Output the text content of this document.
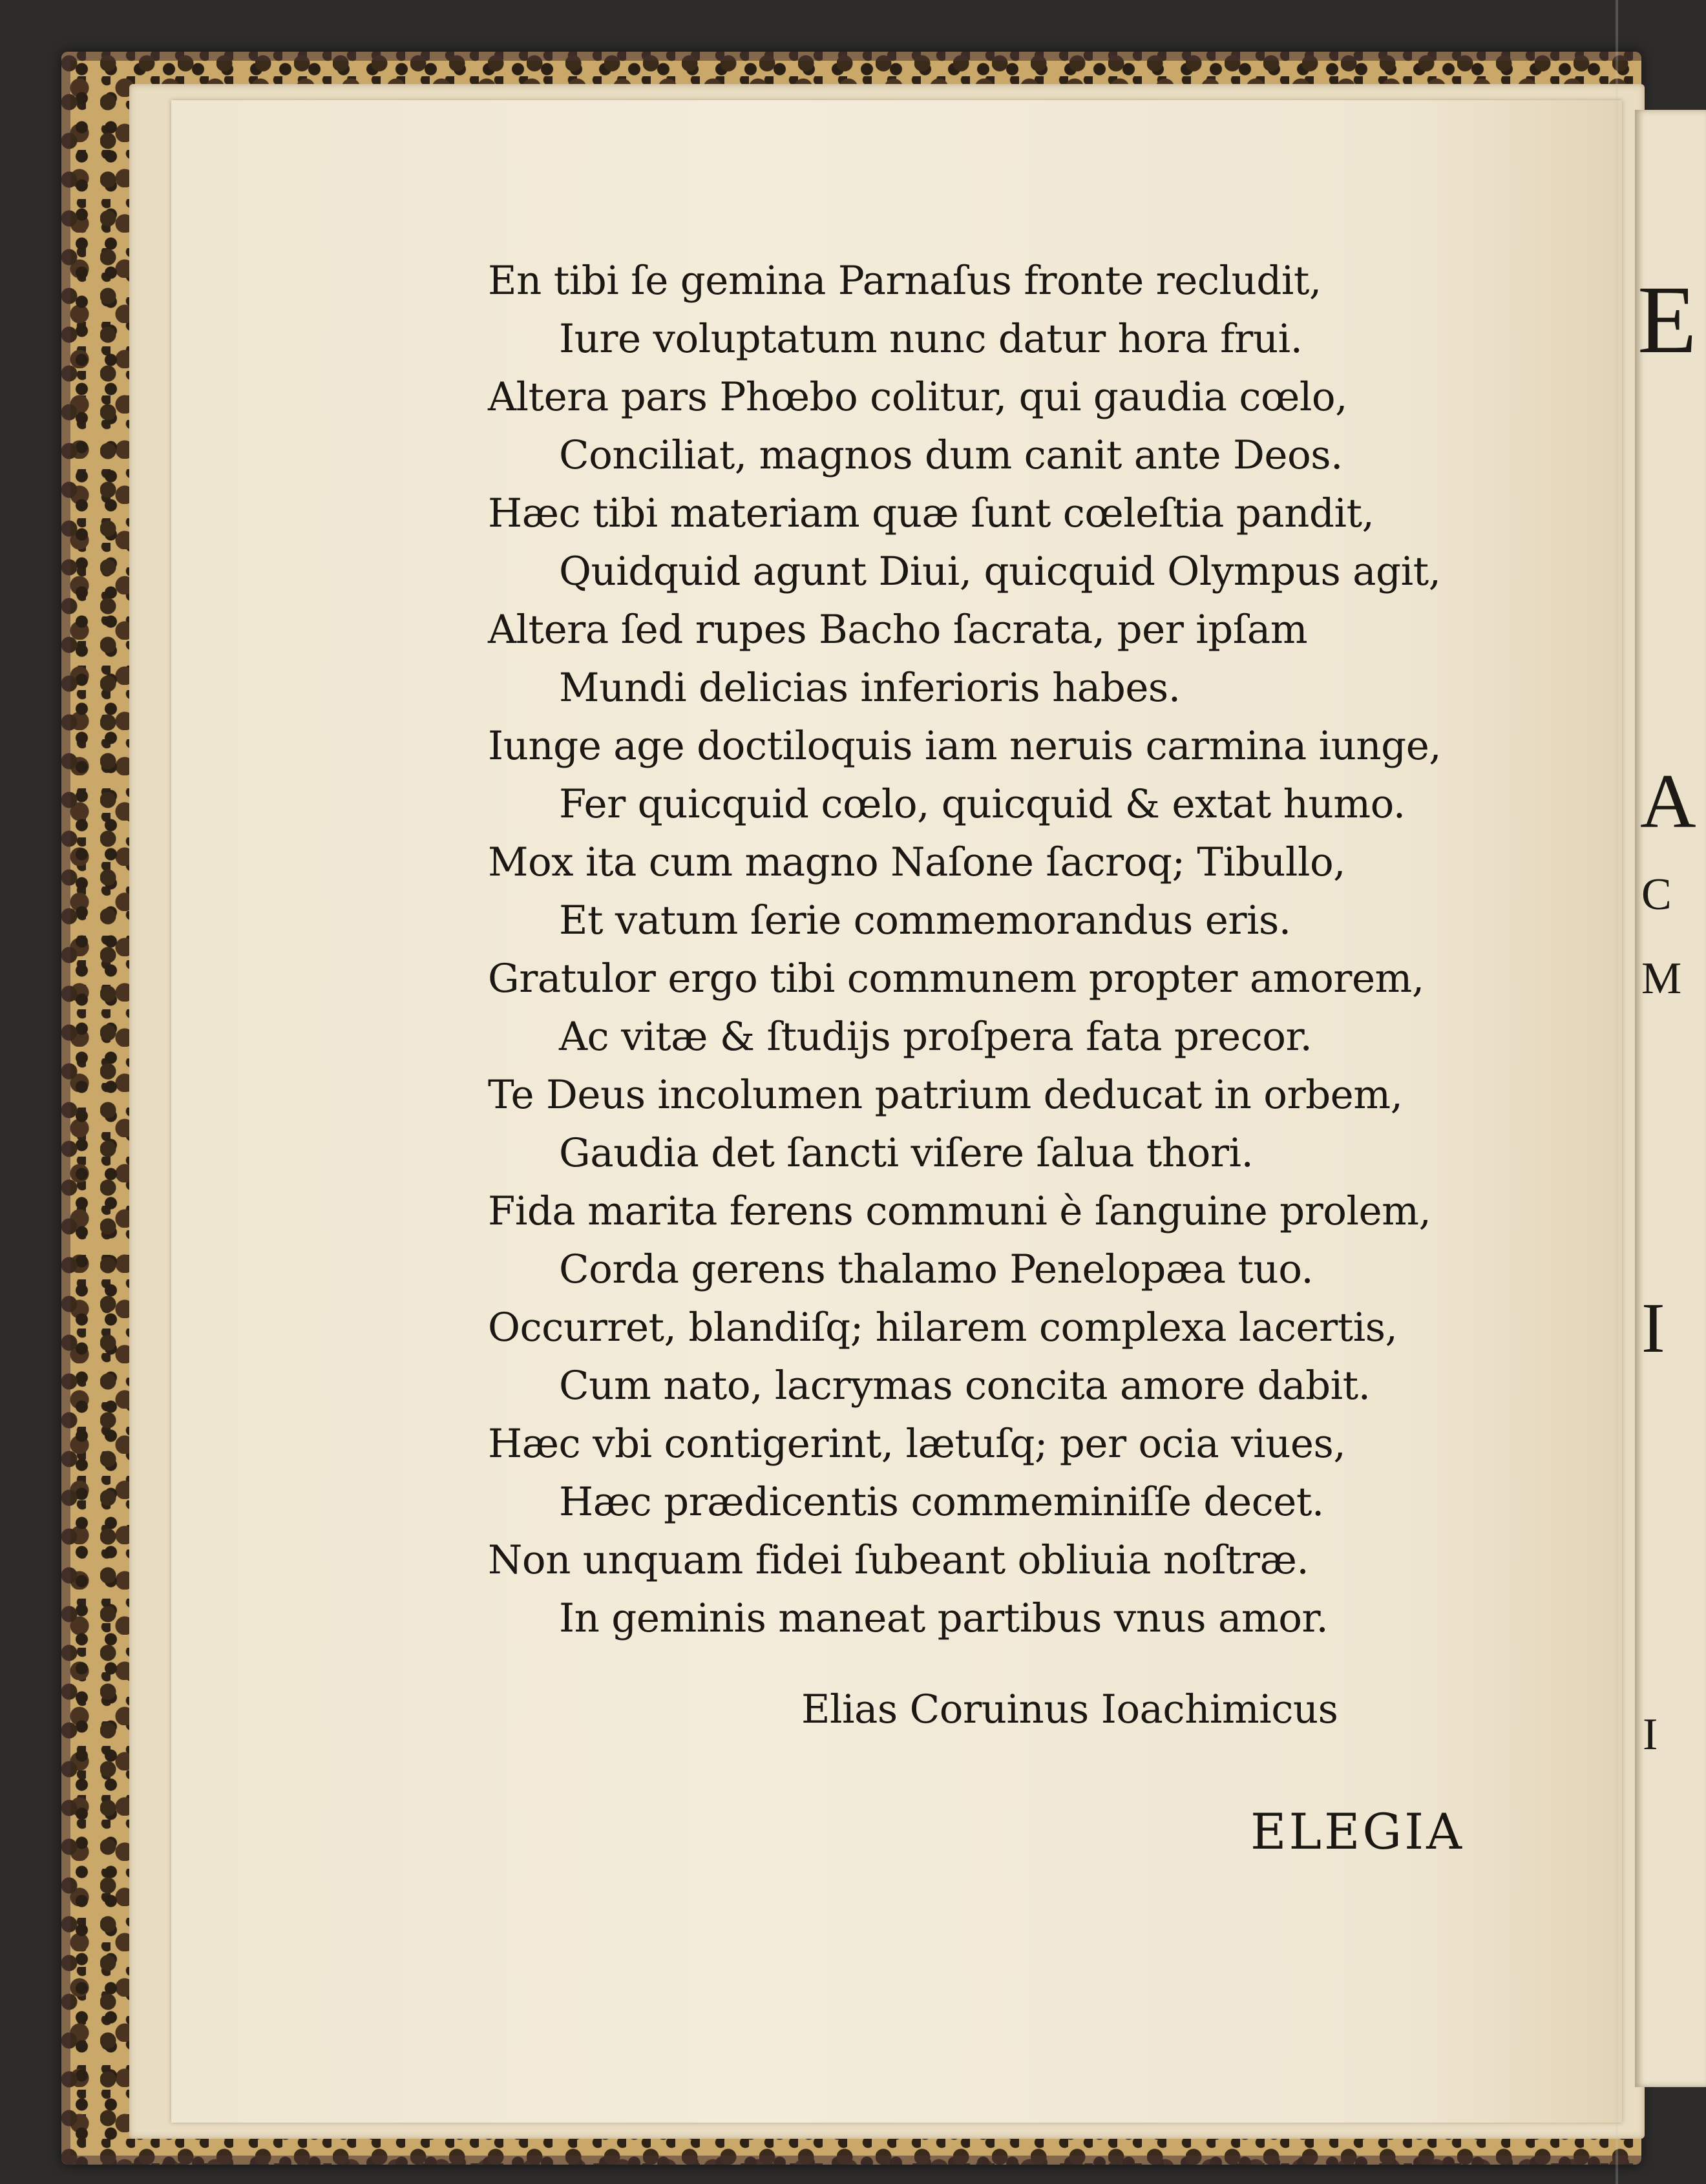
E
A
C
M
I
I
En tibi ſe gemina Parnaſus fronte recludit,
Iure voluptatum nunc datur hora frui.
Altera pars Phœbo colitur, qui gaudia cœlo,
Conciliat, magnos dum canit ante Deos.
Hæc tibi materiam quæ ſunt cœleſtia pandit,
Quidquid agunt Diui, quicquid Olympus agit,
Altera ſed rupes Bacho ſacrata, per ipſam
Mundi delicias inferioris habes.
Iunge age doctiloquis iam neruis carmina iunge,
Fer quicquid cœlo, quicquid & extat humo.
Mox ita cum magno Naſone ſacroq; Tibullo,
Et vatum ſerie commemorandus eris.
Gratulor ergo tibi communem propter amorem,
Ac vitæ & ſtudijs proſpera fata precor.
Te Deus incolumen patrium deducat in orbem,
Gaudia det ſancti viſere ſalua thori.
Fida marita ferens communi è ſanguine prolem,
Corda gerens thalamo Penelopæa tuo.
Occurret, blandiſq; hilarem complexa lacertis,
Cum nato, lacrymas concita amore dabit.
Hæc vbi contigerint, lætuſq; per ocia viues,
Hæc prædicentis commeminiſſe decet.
Non unquam fidei ſubeant obliuia noſtræ.
In geminis maneat partibus vnus amor.
Elias Coruinus Ioachimicus
ELEGIA
